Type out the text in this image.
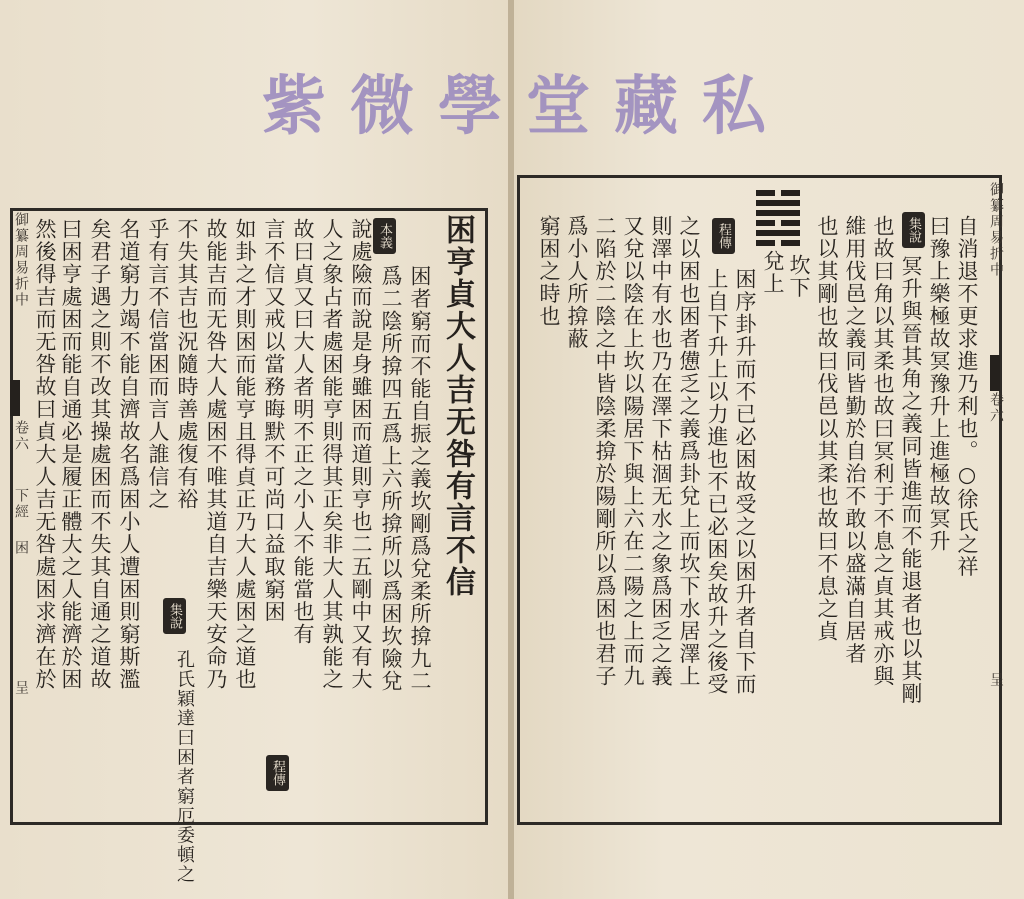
御纂周易折中
卷六
下經
困
呈
困亨貞大人吉无咎有言不信
困者窮而不能自振之義坎剛爲兌柔所揜九二
本義
爲二陰所揜四五爲上六所揜所以爲困坎險兌
說處險而說是身雖困而道則亨也二五剛中又有大
人之象占者處困能亨則得其正矣非大人其孰能之
故曰貞又曰大人者明不正之小人不能當也有
言不信又戒以當務晦默不可尚口益取窮困
程傳
如卦之才則困而能亨且得貞正乃大人處困之道也
故能吉而无咎大人處困不唯其道自吉樂天安命乃
不失其吉也況隨時善處復有裕
集說
孔氏穎達曰困者窮厄委頓之
乎有言不信當困而言人誰信之
名道窮力竭不能自濟故名爲困小人遭困則窮斯濫
矣君子遇之則不改其操處困而不失其自通之道故
曰困亨處困而能自通必是履正體大之人能濟於困
然後得吉而无咎故曰貞大人吉无咎處困求濟在於	御纂周易折中
卷六
呈
自消退不更求進乃利也。○徐氏之祥
曰豫上樂極故冥豫升上進極故冥升
集說
冥升與晉其角之義同皆進而不能退者也以其剛
也故曰角以其柔也故曰冥利于不息之貞其戒亦與
維用伐邑之義同皆勤於自治不敢以盛滿自居者
也以其剛也故曰伐邑以其柔也故曰不息之貞
坎下
兌上
程傳
困序卦升而不已必困故受之以困升者自下而
上自下升上以力進也不已必困矣故升之後受
之以困也困者憊乏之義爲卦兌上而坎下水居澤上
則澤中有水也乃在澤下枯涸无水之象爲困乏之義
又兌以陰在上坎以陽居下與上六在二陽之上而九
二陷於二陰之中皆陰柔揜於陽剛所以爲困也君子
爲小人所揜蔽
窮困之時也
紫微學堂藏私
